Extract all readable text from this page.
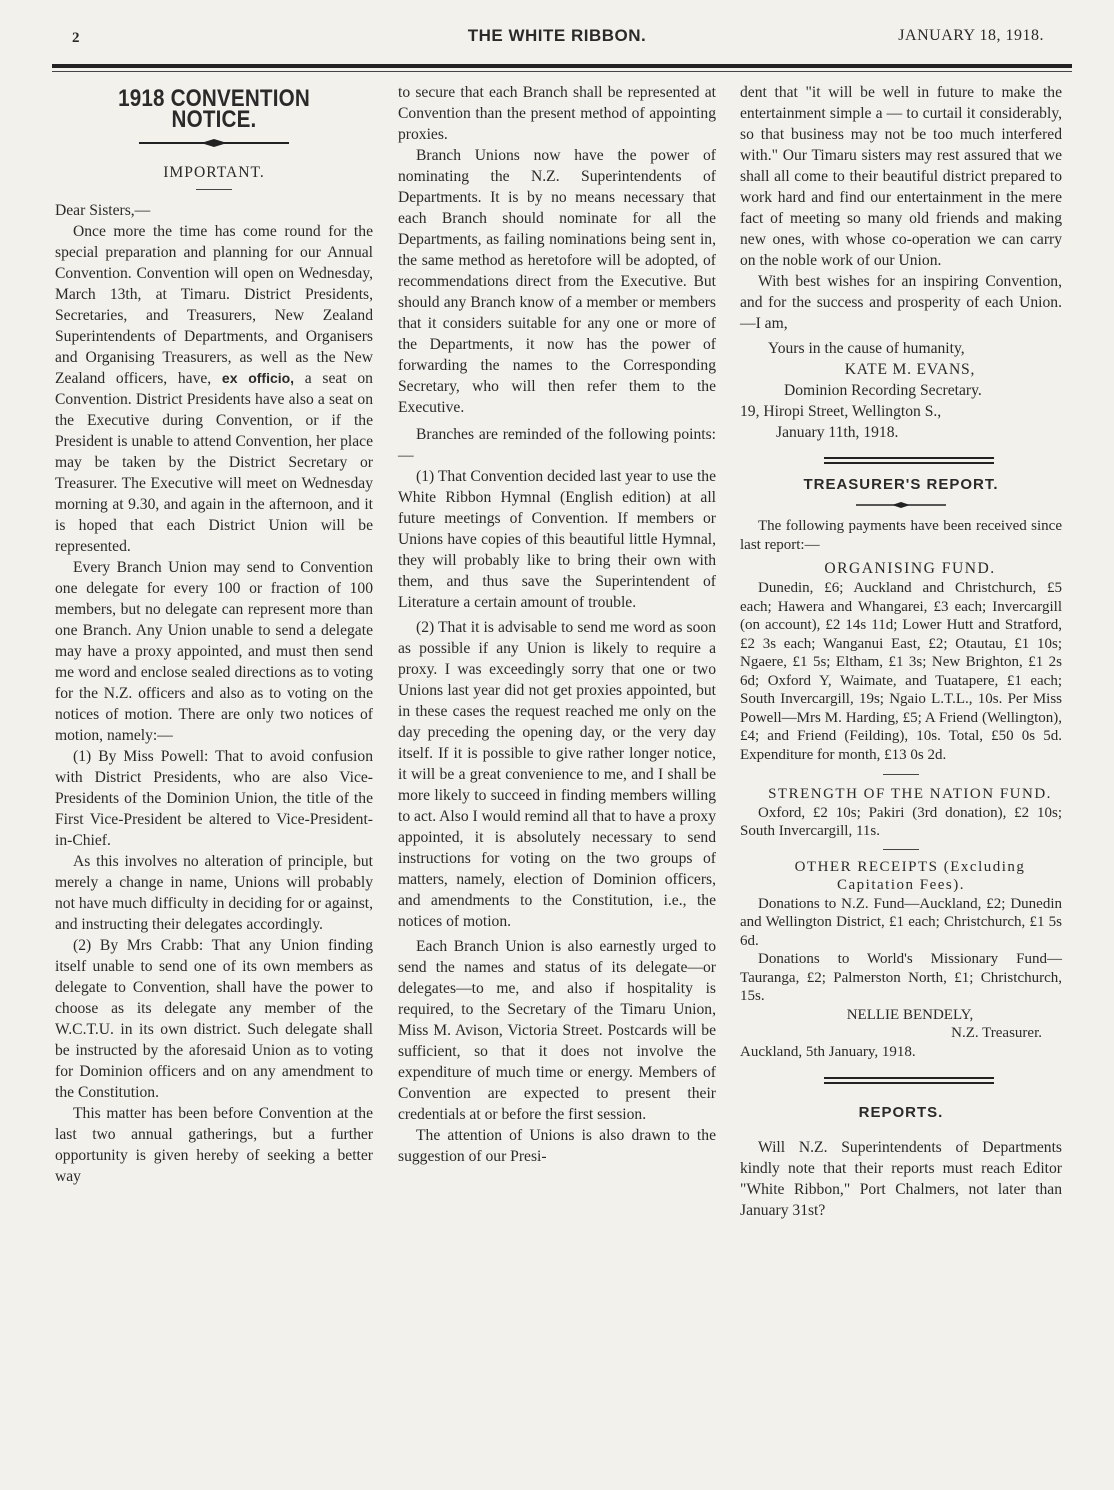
2	THE WHITE RIBBON.	JANUARY 18, 1918.
1918 CONVENTION NOTICE.

IMPORTANT.

Dear Sisters,—

Once more the time has come round for the special preparation and planning for our Annual Convention. Convention will open on Wednesday, March 13th, at Timaru. District Presidents, Secretaries, and Treasurers, New Zealand Superintendents of Departments, and Organisers and Organising Treasurers, as well as the New Zealand officers, have, ex officio, a seat on Convention. District Presidents have also a seat on the Executive during Convention, or if the President is unable to attend Convention, her place may be taken by the District Secretary or Treasurer. The Executive will meet on Wednesday morning at 9.30, and again in the afternoon, and it is hoped that each District Union will be represented.

Every Branch Union may send to Convention one delegate for every 100 or fraction of 100 members, but no delegate can represent more than one Branch. Any Union unable to send a delegate may have a proxy appointed, and must then send me word and enclose sealed directions as to voting for the N.Z. officers and also as to voting on the notices of motion. There are only two notices of motion, namely:—

(1) By Miss Powell: That to avoid confusion with District Presidents, who are also Vice-Presidents of the Dominion Union, the title of the First Vice-President be altered to Vice-President-in-Chief.

As this involves no alteration of principle, but merely a change in name, Unions will probably not have much difficulty in deciding for or against, and instructing their delegates accordingly.

(2) By Mrs Crabb: That any Union finding itself unable to send one of its own members as delegate to Convention, shall have the power to choose as its delegate any member of the W.C.T.U. in its own district. Such delegate shall be instructed by the aforesaid Union as to voting for Dominion officers and on any amendment to the Constitution.

This matter has been before Convention at the last two annual gatherings, but a further opportunity is given hereby of seeking a better way

to secure that each Branch shall be represented at Convention than the present method of appointing proxies.

Branch Unions now have the power of nominating the N.Z. Superintendents of Departments. It is by no means necessary that each Branch should nominate for all the Departments, as failing nominations being sent in, the same method as heretofore will be adopted, of recommendations direct from the Executive. But should any Branch know of a member or members that it considers suitable for any one or more of the Departments, it now has the power of forwarding the names to the Corresponding Secretary, who will then refer them to the Executive.

Branches are reminded of the following points:—

(1) That Convention decided last year to use the White Ribbon Hymnal (English edition) at all future meetings of Convention. If members or Unions have copies of this beautiful little Hymnal, they will probably like to bring their own with them, and thus save the Superintendent of Literature a certain amount of trouble.

(2) That it is advisable to send me word as soon as possible if any Union is likely to require a proxy. I was exceedingly sorry that one or two Unions last year did not get proxies appointed, but in these cases the request reached me only on the day preceding the opening day, or the very day itself. If it is possible to give rather longer notice, it will be a great convenience to me, and I shall be more likely to succeed in finding members willing to act. Also I would remind all that to have a proxy appointed, it is absolutely necessary to send instructions for voting on the two groups of matters, namely, election of Dominion officers, and amendments to the Constitution, i.e., the notices of motion.

Each Branch Union is also earnestly urged to send the names and status of its delegate—or delegates—to me, and also if hospitality is required, to the Secretary of the Timaru Union, Miss M. Avison, Victoria Street. Postcards will be sufficient, so that it does not involve the expenditure of much time or energy. Members of Convention are expected to present their credentials at or before the first session.

The attention of Unions is also drawn to the suggestion of our Presi-

dent that "it will be well in future to make the entertainment simple a — to curtail it considerably, so that business may not be too much interfered with." Our Timaru sisters may rest assured that we shall all come to their beautiful district prepared to work hard and find our entertainment in the mere fact of meeting so many old friends and making new ones, with whose co-operation we can carry on the noble work of our Union.

With best wishes for an inspiring Convention, and for the success and prosperity of each Union.—I am,

Yours in the cause of humanity,

KATE M. EVANS,

Dominion Recording Secretary.

19, Hiropi Street, Wellington S.,

January 11th, 1918.

TREASURER'S REPORT.

The following payments have been received since last report:—

ORGANISING FUND.

Dunedin, £6; Auckland and Christchurch, £5 each; Hawera and Whangarei, £3 each; Invercargill (on account), £2 14s 11d; Lower Hutt and Stratford, £2 3s each; Wanganui East, £2; Otautau, £1 10s; Ngaere, £1 5s; Eltham, £1 3s; New Brighton, £1 2s 6d; Oxford Y, Waimate, and Tuatapere, £1 each; South Invercargill, 19s; Ngaio L.T.L., 10s. Per Miss Powell—Mrs M. Harding, £5; A Friend (Wellington), £4; and Friend (Feilding), 10s. Total, £50 0s 5d. Expenditure for month, £13 0s 2d.

STRENGTH OF THE NATION FUND.

Oxford, £2 10s; Pakiri (3rd donation), £2 10s; South Invercargill, 11s.

OTHER RECEIPTS (Excluding Capitation Fees).

Donations to N.Z. Fund—Auckland, £2; Dunedin and Wellington District, £1 each; Christchurch, £1 5s 6d.

Donations to World's Missionary Fund—Tauranga, £2; Palmerston North, £1; Christchurch, 15s.

NELLIE BENDELY,

N.Z. Treasurer.

Auckland, 5th January, 1918.

REPORTS.

Will N.Z. Superintendents of Departments kindly note that their reports must reach Editor "White Ribbon," Port Chalmers, not later than January 31st?
